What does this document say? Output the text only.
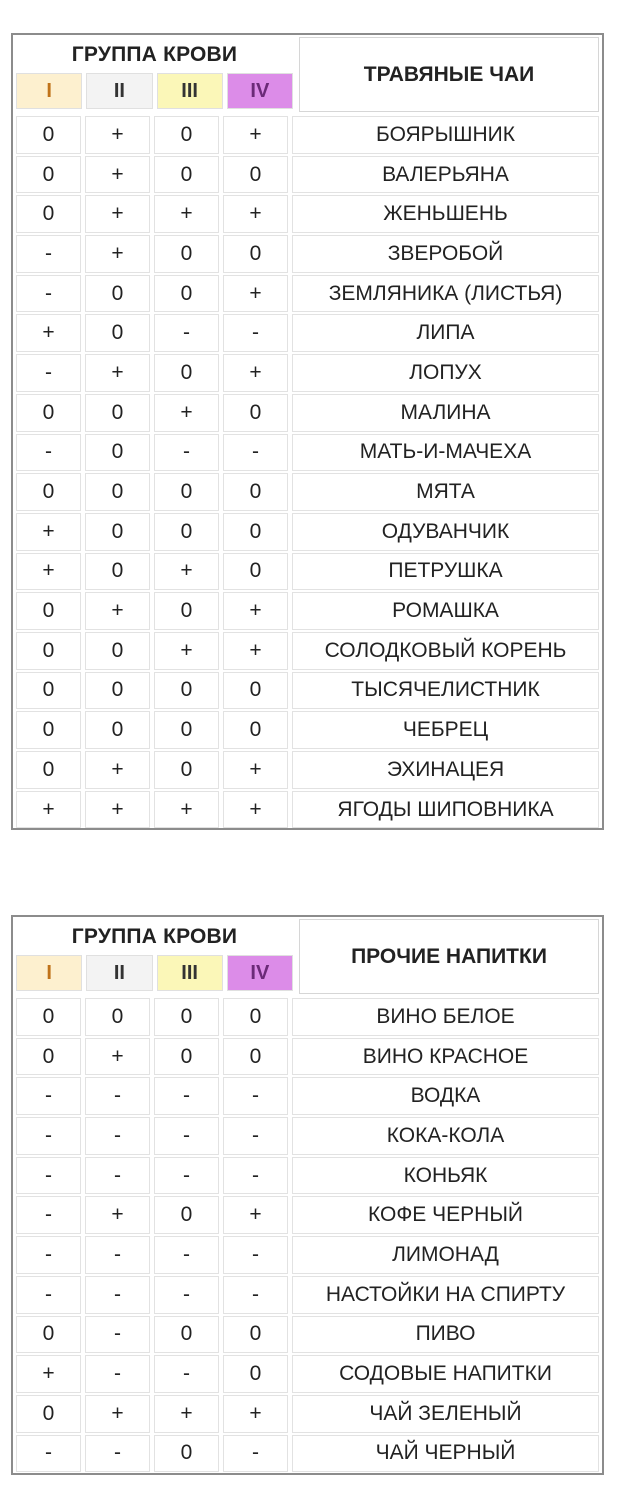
ГРУППА КРОВИ
I	II	III	IV
ТРАВЯНЫЕ ЧАИ
0	+	0	+	БОЯРЫШНИК
0	+	0	0	ВАЛЕРЬЯНА
0	+	+	+	ЖЕНЬШЕНЬ
-	+	0	0	ЗВЕРОБОЙ
-	0	0	+	ЗЕМЛЯНИКА (ЛИСТЬЯ)
+	0	-	-	ЛИПА
-	+	0	+	ЛОПУХ
0	0	+	0	МАЛИНА
-	0	-	-	МАТЬ-И-МАЧЕХА
0	0	0	0	МЯТА
+	0	0	0	ОДУВАНЧИК
+	0	+	0	ПЕТРУШКА
0	+	0	+	РОМАШКА
0	0	+	+	СОЛОДКОВЫЙ КОРЕНЬ
0	0	0	0	ТЫСЯЧЕЛИСТНИК
0	0	0	0	ЧЕБРЕЦ
0	+	0	+	ЭХИНАЦЕЯ
+	+	+	+	ЯГОДЫ ШИПОВНИКА
ГРУППА КРОВИ
I	II	III	IV
ПРОЧИЕ НАПИТКИ
0	0	0	0	ВИНО БЕЛОЕ
0	+	0	0	ВИНО КРАСНОЕ
-	-	-	-	ВОДКА
-	-	-	-	КОКА-КОЛА
-	-	-	-	КОНЬЯК
-	+	0	+	КОФЕ ЧЕРНЫЙ
-	-	-	-	ЛИМОНАД
-	-	-	-	НАСТОЙКИ НА СПИРТУ
0	-	0	0	ПИВО
+	-	-	0	СОДОВЫЕ НАПИТКИ
0	+	+	+	ЧАЙ ЗЕЛЕНЫЙ
-	-	0	-	ЧАЙ ЧЕРНЫЙ
